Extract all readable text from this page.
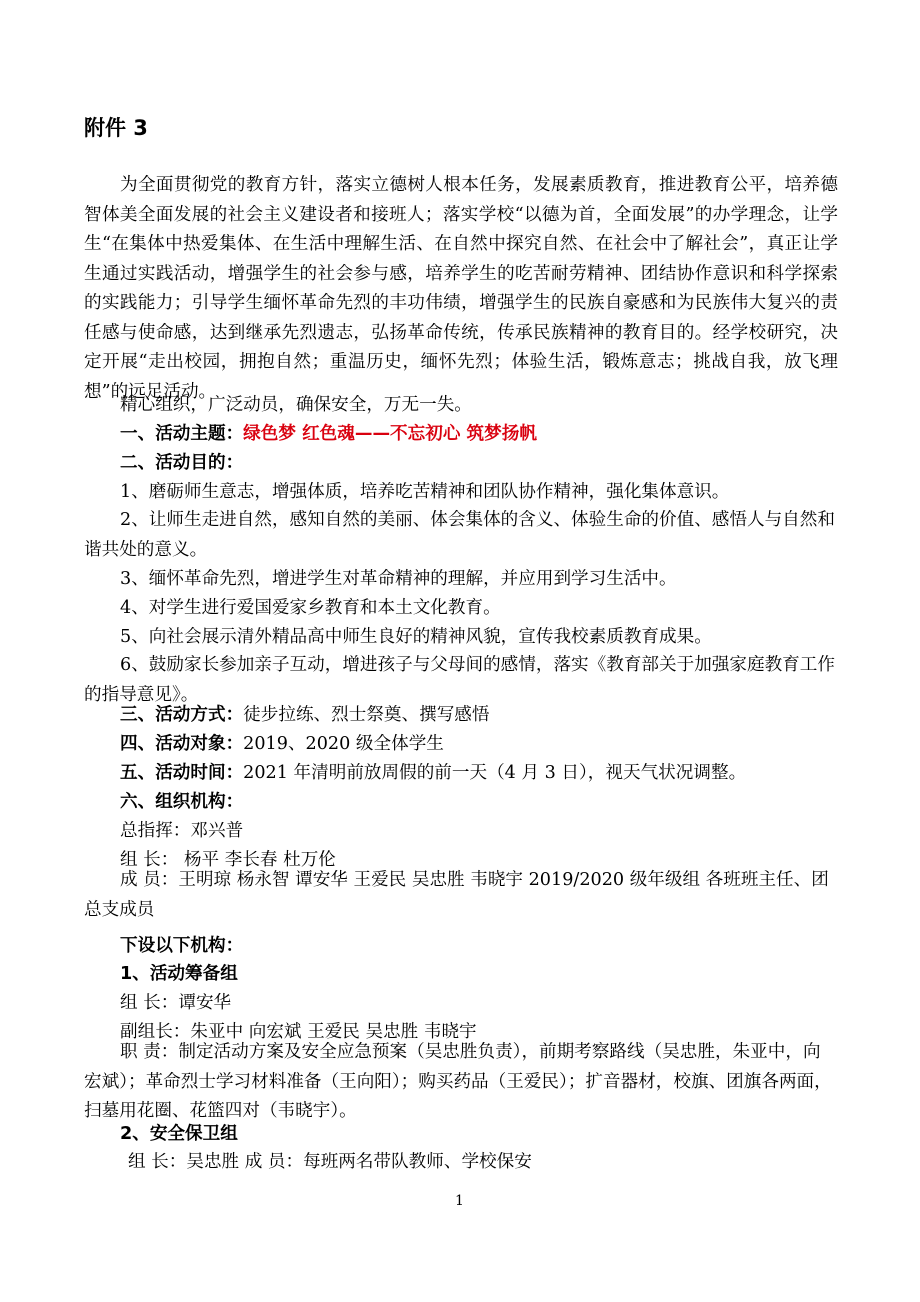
附件 3

为全面贯彻党的教育方针，落实立德树人根本任务，发展素质教育，推进教育公平，培养德智体美全面发展的社会主义建设者和接班人；落实学校“以德为首，全面发展”的办学理念，让学生“在集体中热爱集体、在生活中理解生活、在自然中探究自然、在社会中了解社会”，真正让学生通过实践活动，增强学生的社会参与感，培养学生的吃苦耐劳精神、团结协作意识和科学探索的实践能力；引导学生缅怀革命先烈的丰功伟绩，增强学生的民族自豪感和为民族伟大复兴的责任感与使命感，达到继承先烈遗志，弘扬革命传统，传承民族精神的教育目的。经学校研究，决定开展“走出校园，拥抱自然；重温历史，缅怀先烈；体验生活，锻炼意志；挑战自我，放飞理想”的远足活动。

精心组织，广泛动员，确保安全，万无一失。
一、活动主题：绿色梦 红色魂——不忘初心 筑梦扬帆
二、活动目的：
1、磨砺师生意志，增强体质，培养吃苦精神和团队协作精神，强化集体意识。

2、让师生走进自然，感知自然的美丽、体会集体的含义、体验生命的价值、感悟人与自然和谐共处的意义。

3、缅怀革命先烈，增进学生对革命精神的理解，并应用到学习生活中。
4、对学生进行爱国爱家乡教育和本土文化教育。
5、向社会展示清外精品高中师生良好的精神风貌，宣传我校素质教育成果。

6、鼓励家长参加亲子互动，增进孩子与父母间的感情，落实《教育部关于加强家庭教育工作的指导意见》。

三、活动方式：徒步拉练、烈士祭奠、撰写感悟
四、活动对象：2019、2020 级全体学生
五、活动时间：2021 年清明前放周假的前一天（4 月 3 日），视天气状况调整。
六、组织机构：
总指挥：邓兴普
组 长： 杨平 李长春 杜万伦

成 员：王明琼 杨永智 谭安华 王爱民 吴忠胜 韦晓宇 2019/2020 级年级组 各班班主任、团总支成员

下设以下机构：
1、活动筹备组
组 长：谭安华
副组长：朱亚中 向宏斌 王爱民 吴忠胜 韦晓宇

职 责：制定活动方案及安全应急预案（吴忠胜负责），前期考察路线（吴忠胜，朱亚中，向宏斌）；革命烈士学习材料准备（王向阳）；购买药品（王爱民）；扩音器材，校旗、团旗各两面，扫墓用花圈、花篮四对（韦晓宇）。

2、安全保卫组
组 长：吴忠胜 成 员：每班两名带队教师、学校保安
1
